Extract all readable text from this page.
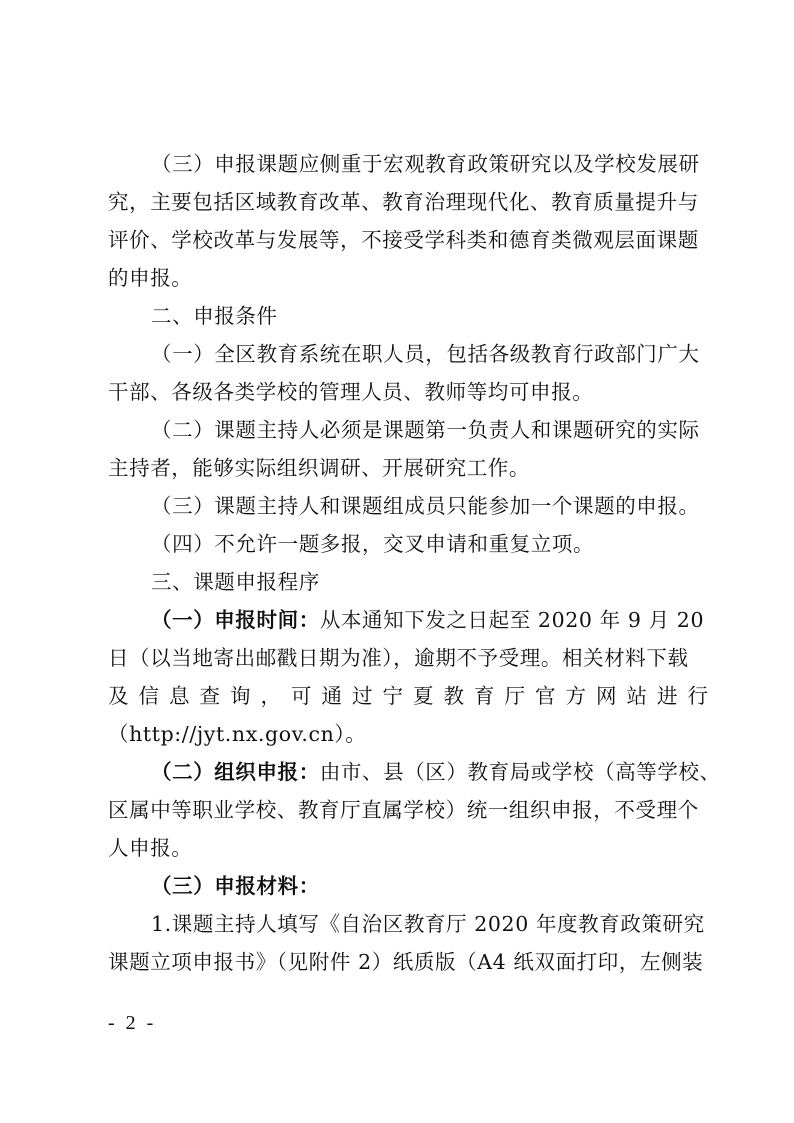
（三）申报课题应侧重于宏观教育政策研究以及学校发展研
究，主要包括区域教育改革、教育治理现代化、教育质量提升与
评价、学校改革与发展等，不接受学科类和德育类微观层面课题
的申报。
二、申报条件
（一）全区教育系统在职人员，包括各级教育行政部门广大
干部、各级各类学校的管理人员、教师等均可申报。
（二）课题主持人必须是课题第一负责人和课题研究的实际
主持者，能够实际组织调研、开展研究工作。
（三）课题主持人和课题组成员只能参加一个课题的申报。
（四）不允许一题多报，交叉申请和重复立项。
三、课题申报程序
（一）申报时间：从本通知下发之日起至 2020 年 9 月 20
日（以当地寄出邮戳日期为准），逾期不予受理。相关材料下载
及信息查询，可通过宁夏教育厅官方网站进行
（http://jyt.nx.gov.cn）。
（二）组织申报：由市、县（区）教育局或学校（高等学校、
区属中等职业学校、教育厅直属学校）统一组织申报，不受理个
人申报。
（三）申报材料：
1.课题主持人填写《自治区教育厅 2020 年度教育政策研究
课题立项申报书》（见附件 2）纸质版（A4 纸双面打印，左侧装
- 2 -
